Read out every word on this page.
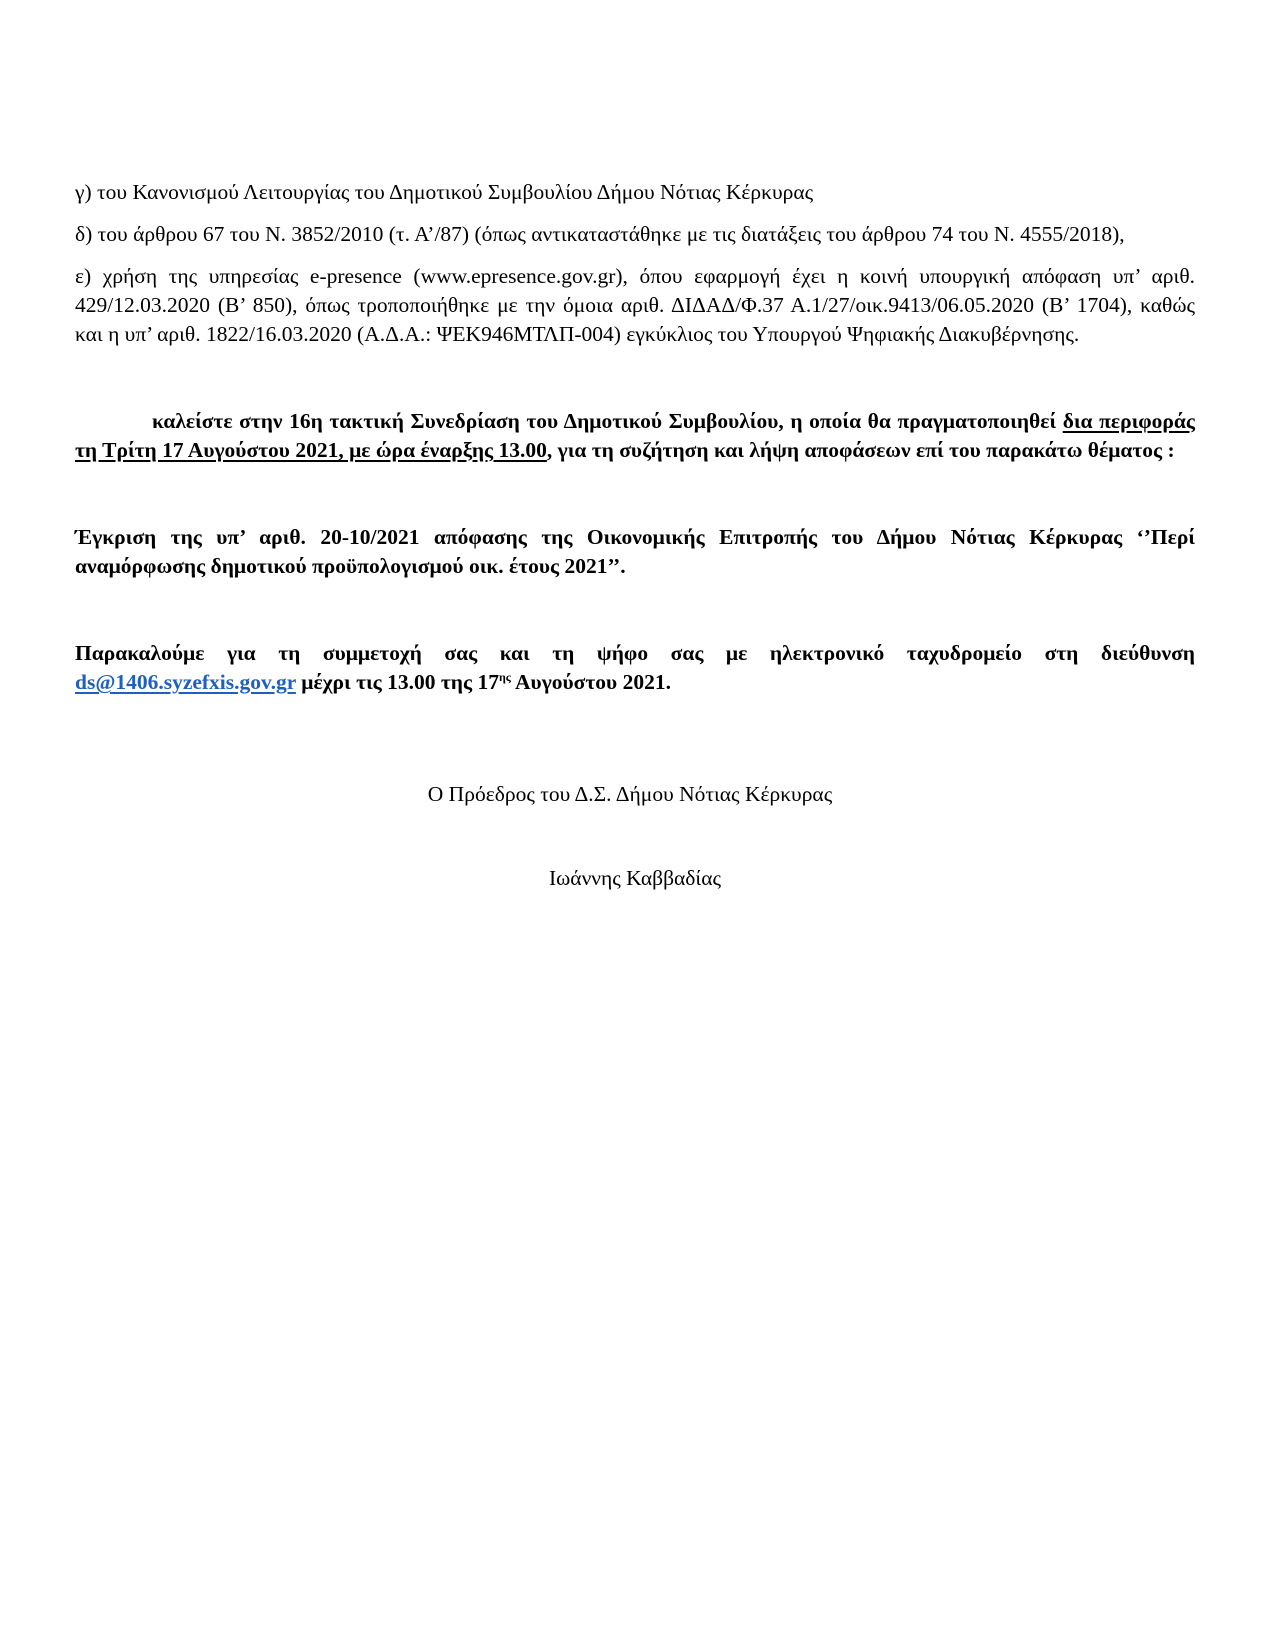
γ) του Κανονισμού Λειτουργίας του Δημοτικού Συμβουλίου Δήμου Νότιας Κέρκυρας

δ) του άρθρου 67 του Ν. 3852/2010 (τ. Α’/87) (όπως αντικαταστάθηκε με τις διατάξεις του άρθρου 74 του Ν. 4555/2018),

ε) χρήση της υπηρεσίας e-presence (www.epresence.gov.gr), όπου εφαρμογή έχει η κοινή υπουργική απόφαση υπ’ αριθ. 429/12.03.2020 (Β’ 850), όπως τροποποιήθηκε με την όμοια αριθ. ΔΙΔΑΔ/Φ.37 Α.1/27/οικ.9413/06.05.2020 (Β’ 1704), καθώς και η υπ’ αριθ. 1822/16.03.2020 (Α.Δ.Α.: ΨΕΚ946ΜΤΛΠ-004) εγκύκλιος του Υπουργού Ψηφιακής Διακυβέρνησης.

καλείστε στην 16η τακτική Συνεδρίαση του Δημοτικού Συμβουλίου, η οποία θα πραγματοποιηθεί δια περιφοράς τη Τρίτη 17 Αυγούστου 2021, με ώρα έναρξης 13.00, για τη συζήτηση και λήψη αποφάσεων επί του παρακάτω θέματος :

Έγκριση της υπ’ αριθ. 20-10/2021 απόφασης της Οικονομικής Επιτροπής του Δήμου Νότιας Κέρκυρας ‘’Περί αναμόρφωσης δημοτικού προϋπολογισμού οικ. έτους 2021’’.

Παρακαλούμε για τη συμμετοχή σας και τη ψήφο σας με ηλεκτρονικό ταχυδρομείο στη διεύθυνση ds@1406.syzefxis.gov.gr μέχρι τις 13.00 της $17^{\eta\varsigma}$ Αυγούστου 2021.

Ο Πρόεδρος του Δ.Σ. Δήμου Νότιας Κέρκυρας

Ιωάννης Καββαδίας
